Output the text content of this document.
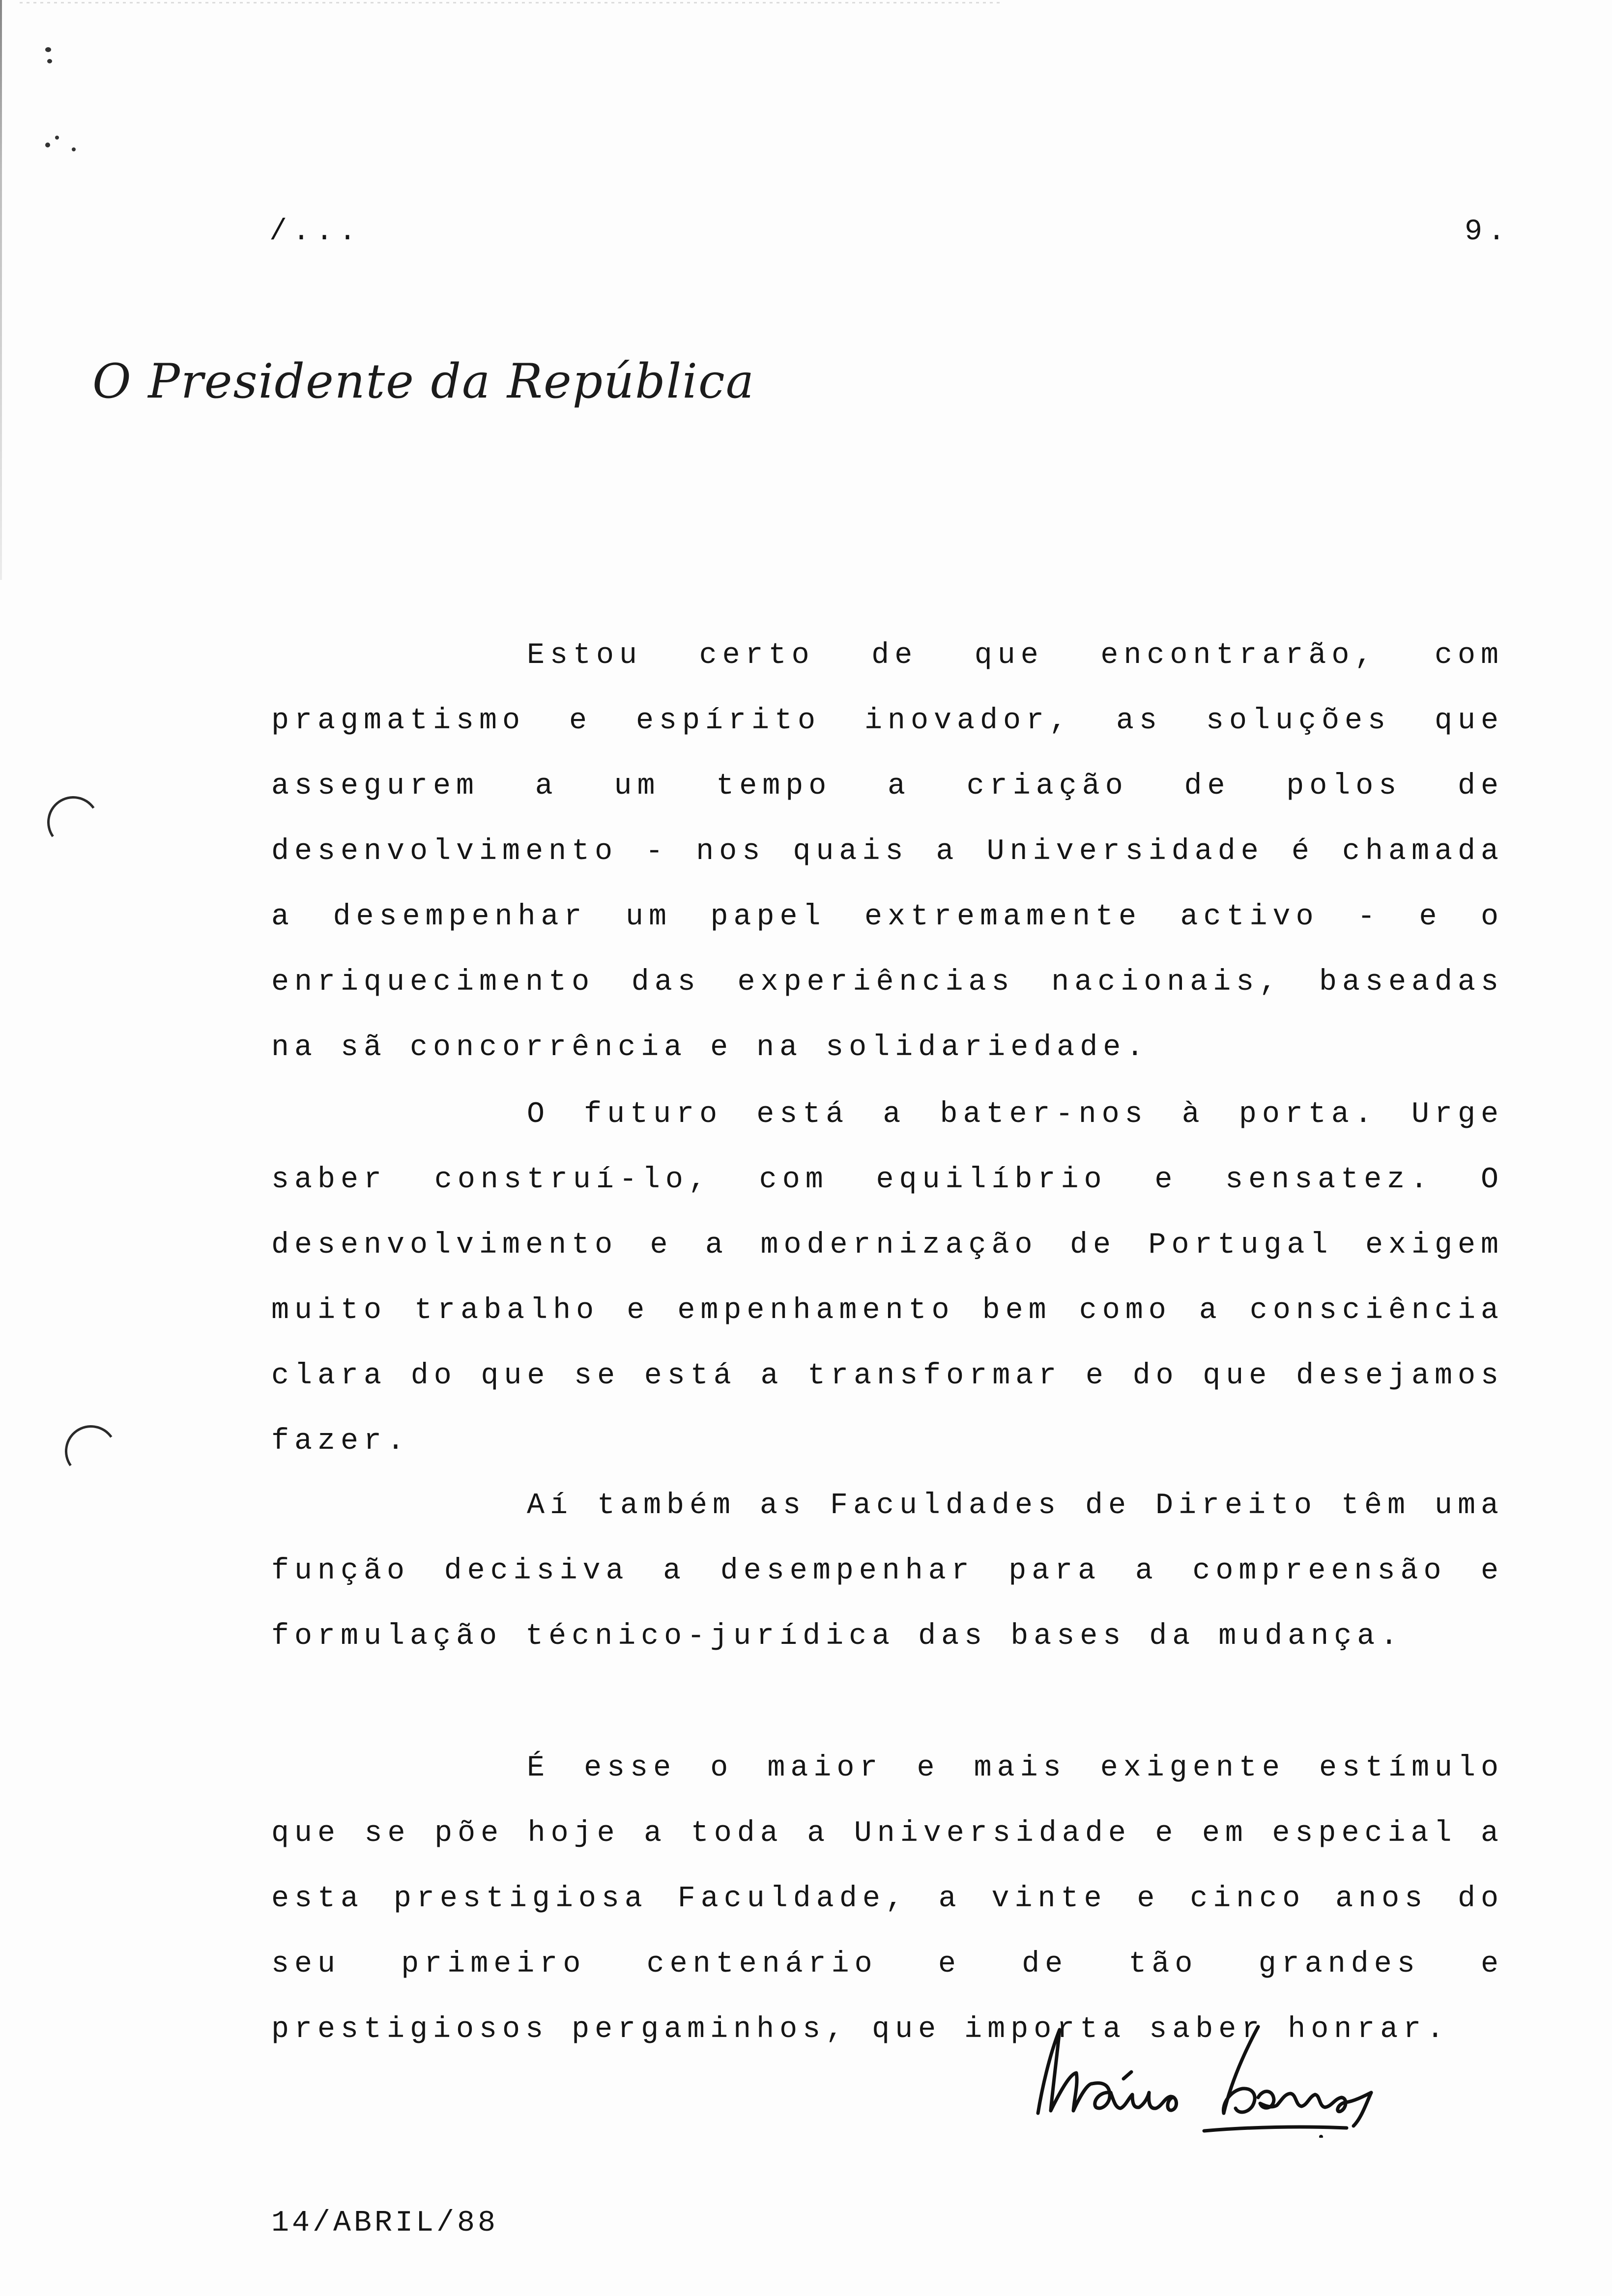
/...	9.
O Presidente da República

Estou certo de que encontrarão, com pragmatismo e espírito inovador, as soluções que assegurem a um tempo a criação de polos de desenvolvimento - nos quais a Universidade é chamada a desempenhar um papel extremamente activo - e o enriquecimento das experiências nacionais, baseadas na sã concorrência e na solidariedade.

O futuro está a bater-nos à porta. Urge saber construí-lo, com equilíbrio e sensatez. O desenvolvimento e a modernização de Portugal exigem muito trabalho e empenhamento bem como a consciência clara do que se está a transformar e do que desejamos fazer.

Aí também as Faculdades de Direito têm uma função decisiva a desempenhar para a compreensão e formulação técnico-jurídica das bases da mudança.

É esse o maior e mais exigente estímulo que se põe hoje a toda a Universidade e em especial a esta prestigiosa Faculdade, a vinte e cinco anos do seu primeiro centenário e de tão grandes e prestigiosos pergaminhos, que importa saber honrar.

14/ABRIL/88
